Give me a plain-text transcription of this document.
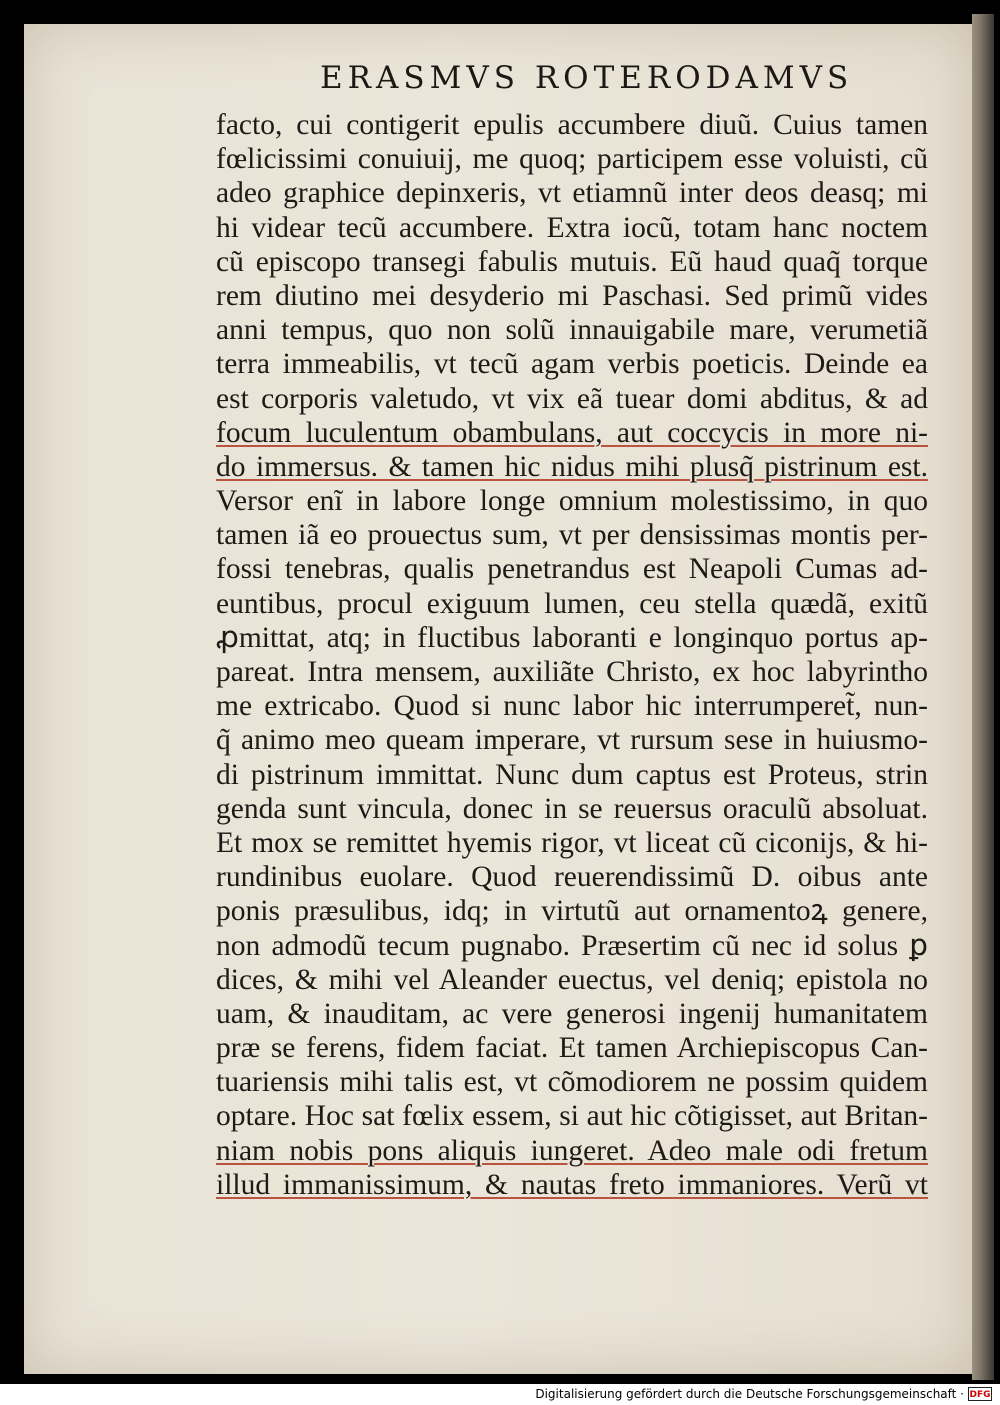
ERASMVS ROTERODAMVS
facto, cui contigerit epulis accumbere diuũ. Cuius tamen
fœlicissimi conuiuij, me quoq; participem esse voluisti, cũ
adeo graphice depinxeris, vt etiamnũ inter deos deasq; mi
hi videar tecũ accumbere. Extra iocũ, totam hanc noctem
cũ episcopo transegi fabulis mutuis. Eũ haud quaq̃ torque
rem diutino mei desyderio mi Paschasi. Sed primũ vides
anni tempus, quo non solũ innauigabile mare, verumetiã
terra immeabilis, vt tecũ agam verbis poeticis. Deinde ea
est corporis valetudo, vt vix eã tuear domi abditus, & ad
focum luculentum obambulans, aut coccycis in more ni-
do immersus. & tamen hic nidus mihi plusq̃ pistrinum est.
Versor enĩ in labore longe omnium molestissimo, in quo
tamen iã eo prouectus sum, vt per densissimas montis per-
fossi tenebras, qualis penetrandus est Neapoli Cumas ad-
euntibus, procul exiguum lumen, ceu stella quædã, exitũ
ꝓmittat, atq; in fluctibus laboranti e longinquo portus ap-
pareat. Intra mensem, auxiliãte Christo, ex hoc labyrintho
me extricabo. Quod si nunc labor hic interrumperet̃, nun-
q̃ animo meo queam imperare, vt rursum sese in huiusmo-
di pistrinum immittat. Nunc dum captus est Proteus, strin
genda sunt vincula, donec in se reuersus oraculũ absoluat.
Et mox se remittet hyemis rigor, vt liceat cũ ciconijs, & hi-
rundinibus euolare. Quod reuerendissimũ D. oibus ante
ponis præsulibus, idq; in virtutũ aut ornamentoꝝ genere,
non admodũ tecum pugnabo. Præsertim cũ nec id solus ꝑ
dices, & mihi vel Aleander euectus, vel deniq; epistola no
uam, & inauditam, ac vere generosi ingenij humanitatem
præ se ferens, fidem faciat. Et tamen Archiepiscopus Can-
tuariensis mihi talis est, vt cõmodiorem ne possim quidem
optare. Hoc sat fœlix essem, si aut hic cõtigisset, aut Britan-
niam nobis pons aliquis iungeret. Adeo male odi fretum
illud immanissimum, & nautas freto immaniores. Verũ vt
Digitalisierung gefördert durch die Deutsche Forschungsgemeinschaft · DFG
